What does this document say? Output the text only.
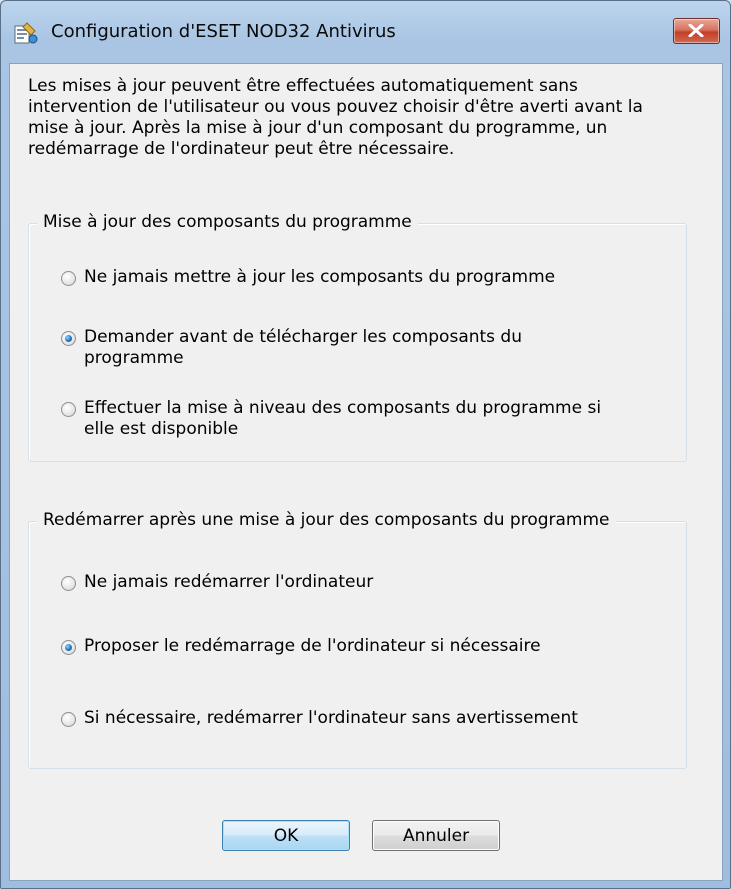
Configuration d'ESET NOD32 Antivirus
Les mises à jour peuvent être effectuées automatiquement sans
intervention de l'utilisateur ou vous pouvez choisir d'être averti avant la
mise à jour. Après la mise à jour d'un composant du programme, un
redémarrage de l'ordinateur peut être nécessaire.
Mise à jour des composants du programme
Ne jamais mettre à jour les composants du programme
Demander avant de télécharger les composants du
programme
Effectuer la mise à niveau des composants du programme si
elle est disponible
Redémarrer après une mise à jour des composants du programme
Ne jamais redémarrer l'ordinateur
Proposer le redémarrage de l'ordinateur si nécessaire
Si nécessaire, redémarrer l'ordinateur sans avertissement
OK	Annuler
